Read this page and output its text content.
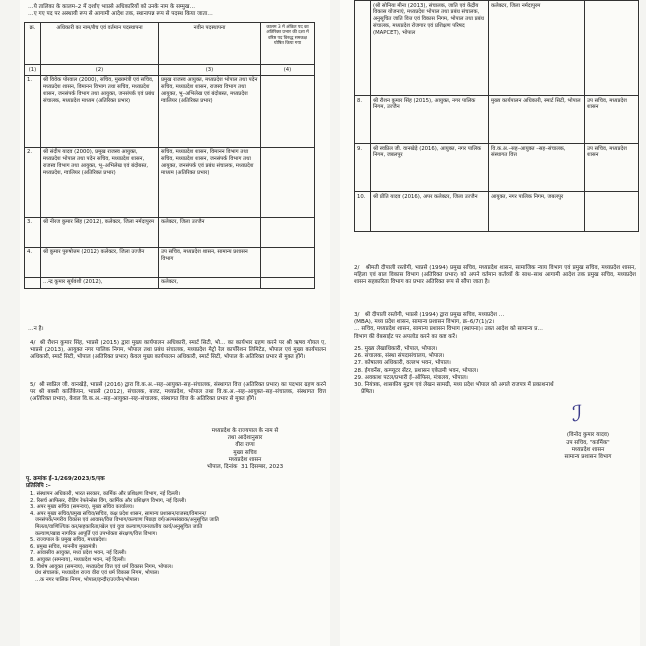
…ये तालिका के कालम–2 में दर्शाए भाप्रसे अधिकारियों को उनके नाम के सम्मुख…
…ए गए पद पर अस्थायी रूप से आगामी आदेश तक, स्थानापन्न रूप से पदस्थ किया जाता…
क्र.	अधिकारी का नाम/बैच एवं वर्तमान पदस्थापना	नवीन पदस्थापना	कालम 3 में अंकित पद का अतिरिक्त प्रभार की दशा में वरिष्ठ पद विरुद्ध समकक्ष घोषित किया गया
(1)	(2)	(3)	(4)
1.	श्री विवेक पोरवाल (2000), सचिव, मुख्यमंत्री एवं सचिव, मध्यप्रदेश शासन, विमानन विभाग तथा सचिव, मध्यप्रदेश शासन, जनसंपर्क विभाग तथा आयुक्त, जनसंपर्क एवं प्रबंध संचालक, मध्यप्रदेश माध्यम (अतिरिक्त प्रभार)	प्रमुख राजस्व आयुक्त, मध्यप्रदेश भोपाल तथा पदेन सचिव, मध्यप्रदेश शासन, राजस्व विभाग तथा आयुक्त, भू–अभिलेख एवं बंदोबस्त, मध्यप्रदेश ग्वालियर (अतिरिक्त प्रभार)	
2.	श्री संदीप यादव (2000), प्रमुख राजस्व आयुक्त, मध्यप्रदेश भोपाल तथा पदेन सचिव, मध्यप्रदेश शासन, राजस्व विभाग तथा आयुक्त, भू–अभिलेख एवं बंदोबस्त, मध्यप्रदेश, ग्वालियर (अतिरिक्त प्रभार)	सचिव, मध्यप्रदेश शासन, विमानन विभाग तथा सचिव, मध्यप्रदेश शासन, जनसंपर्क विभाग तथा आयुक्त, जनसंपर्क एवं प्रबंध संचालक, मध्यप्रदेश माध्यम (अतिरिक्त प्रभार)	
3.	श्री नीरज कुमार सिंह (2012), कलेक्टर, जिला नर्मदापुरम	कलेक्टर, जिला उज्जैन	
4.	श्री कुमार पुरुषोत्तम (2012) कलेक्टर, जिला उज्जैन	उप सचिव, मध्यप्रदेश शासन, सामान्य प्रशासन विभाग	
	…न्द्र कुमार सूर्यवंशी (2012),	कलेक्टर,	
…न है।
4/  श्री रौशन कुमार सिंह, भाप्रसे (2015) द्वारा मुख्य कार्यपालन अधिकारी, स्मार्ट सिटी, भो… का कार्यभार ग्रहण करने पर श्री ऋषव गोयल ए, भाप्रसे (2013), आयुक्त नगर पालिक निगम, भोपाल तथा प्रबंध संचालक, मध्यप्रदेश मेट्रो रेल कार्पोरेशन लिमिटेड, भोपाल एवं मुख्य कार्यपालन अधिकारी, स्मार्ट सिटी, भोपाल (अतिरिक्त प्रभार) केवल मुख्य कार्यपालन अधिकारी, स्मार्ट सिटी, भोपाल के अतिरिक्त प्रभार से मुक्त होंगे।
5/  श्री स्वप्निल जी. वानखेड़े, भाप्रसे (2016) द्वारा वि.क.अ.–सह–आयुक्त–सह–संचालक, संस्थागत वित्त (अतिरिक्त प्रभार) का पदभार ग्रहण करने पर श्री बक्सी कार्तिकेयन, भाप्रसे (2012), संचालक, बजट, मध्यप्रदेश, भोपाल तथा वि.क.अ.–सह–आयुक्त–सह–संचालक, संस्थागत वित्त (अतिरिक्त प्रभार), केवल वि.क.अ.–सह–आयुक्त–सह–संचालक, संस्थागत वित्त के अतिरिक्त प्रभार से मुक्त होंगे।
मध्यप्रदेश के राज्यपाल के नाम से
तथा आदेशानुसार
वीरा राणा
मुख्य सचिव
मध्यप्रदेश शासन
भोपाल, दिनांक  31 दिसम्बर, 2023
पृ. क्रमांक ई–1/269/2023/5/एक
प्रतिलिपि :–
1. संस्थापन अधिकारी, भारत सरकार, कार्मिक और प्रशिक्षण विभाग, नई दिल्ली।
2. रिसर्च आफिसर, रीडिंग रेफरेन्सेस विंग, कार्मिक और प्रशिक्षण विभाग, नई दिल्ली।
3. अपर मुख्य सचिव (समन्वय), मुख्य सचिव कार्यालय।
4. अपर मुख्य सचिव/प्रमुख सचिव/सचिव, कक्ष प्रदेश शासन, सामान्य प्रशासन/राजस्व/विमानन/
जनसंपर्क/नगरीय विकास एवं आवास/वित्त विभाग/कल्याण पिछड़ा वर्ग/अल्पसंख्यक/अनुसूचित जाति
मिलता/वाणिज्यिक कर/सहकारिता/खेल एवं युवा कल्याण/जनजातीय कार्य/अनुसूचित जाति
कल्याण/खाद्य नागरिक आपूर्ति एवं उपभोक्ता संरक्षण/वित्त विभाग।
5. राज्यपाल के प्रमुख सचिव, मध्यप्रदेश।
6. प्रमुख सचिव, माननीय मुख्यमंत्री।
7. आवासीय आयुक्त, मध्य प्रदेश भवन, नई दिल्ली।
8. आयुक्त (समन्वय), मध्यप्रदेश भवन, नई दिल्ली।
9. विशेष आयुक्त (समन्वय), मध्यप्रदेश वित्त एवं धर्म विकास निगम, भोपाल।
ग्रंथ संचालक, मध्यप्रदेश राज्य वीरा एवं धर्म विकास निगम, भोपाल।
…क नगर पालिक निगम, भोपाल/इन्दौर/उज्जैन/भोपाल।
	(श्री सोनिया मीना (2013), संचालक, जाति एवं केंद्रीय विकास योजनाएं, मध्यप्रदेश भोपाल तथा प्रबंध संचालक, अनुसूचित जाति वित्त एवं विकास निगम, भोपाल तथा प्रबंध संचालक, मध्यप्रदेश रोजगार एवं प्रशिक्षण परिषद (MAPCET), भोपाल	कलेक्टर, जिला नर्मदापुरम	
8.	श्री रौशन कुमार सिंह (2015), आयुक्त, नगर पालिक निगम, उज्जैन	मुख्य कार्यपालन अधिकारी, स्मार्ट सिटी, भोपाल	उप सचिव, मध्यप्रदेश शासन
9.	श्री स्वप्निल जी. वानखेड़े (2016), आयुक्त, नगर पालिक निगम, जबलपुर	वि.क.अ.–सह–आयुक्त –सह–संचालक, संस्थागत वित्त	उप सचिव, मध्यप्रदेश शासन
10.	श्री प्रीति यादव (2016), अपर कलेक्टर, जिला उज्जैन	आयुक्त, नगर पालिक निगम, जबलपुर	
2/   श्रीमती दीपाली रस्तोगी, भाप्रसे (1994) प्रमुख सचिव, मध्यप्रदेश शासन, सामाजिक न्याय विभाग एवं प्रमुख सचिव, मध्यप्रदेश शासन, महिला एवं बाल विकास विभाग (अतिरिक्त प्रभार) को अपने वर्तमान कर्तव्यों के साथ–साथ आगामी आदेश तक प्रमुख सचिव, मध्यप्रदेश शासन सहकारिता विभाग का प्रभार अतिरिक्त रूप से सौंपा जाता है।
3/   श्री दीपाली रस्तोगी, भाप्रसे (1994) द्वारा प्रमुख सचिव, मध्यप्रदेश …
(MBA), मध्य प्रदेश शासन, सामान्य प्रशासन विभाग, क्र–6/7(1)/2।
… सचिव, मध्यप्रदेश शासन, सामान्य प्रशासन विभाग (स्थापना)। उक्त आदेश को सामान्य प्र…
विभाग की वेबसाईट पर अपलोड करने का कष्ट करें।
25. मुख्य लेखाधिकारी, भोपाल, भोपाल।
26. संचालक, संस्था संपदासंचालय, भोपाल।
27. कोषालय अधिकारी, वल्लभ भवन, भोपाल।
28. ईगवर्नेस, कम्प्यूटर सेंटर, प्रशासन एकेडमी भवन, भोपाल।
29. अवकाश पटल/प्रभारी ई–ऑफिस, मंत्रालय, भोपाल।
30. नियंत्रक, शासकीय मुद्रण एवं लेखन सामग्री, मध्य प्रदेश भोपाल को अगले राजपत्र में प्रकाशनार्थ
प्रेषित।
ℐ
(विनोद कुमार यादव)
उप सचिव, "कार्मिक"
मध्यप्रदेश शासन
सामान्य प्रशासन विभाग
